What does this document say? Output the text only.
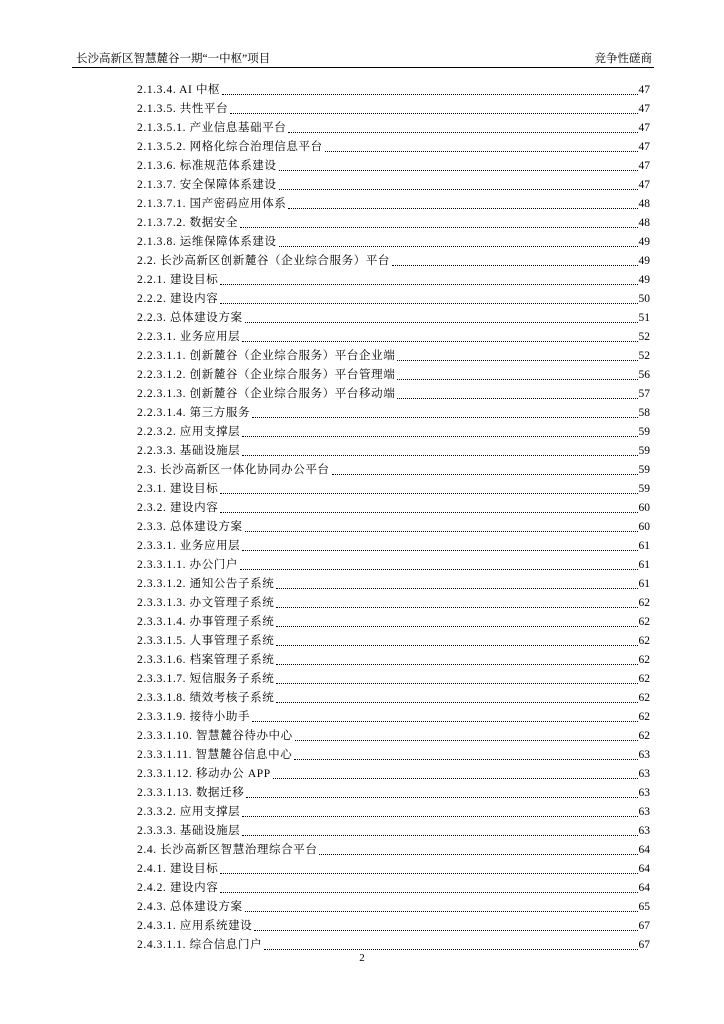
长沙高新区智慧麓谷一期“一中枢”项目	竞争性磋商
2.1.3.4. AI 中枢	47
2.1.3.5. 共性平台	47
2.1.3.5.1. 产业信息基础平台	47
2.1.3.5.2. 网格化综合治理信息平台	47
2.1.3.6. 标准规范体系建设	47
2.1.3.7. 安全保障体系建设	47
2.1.3.7.1. 国产密码应用体系	48
2.1.3.7.2. 数据安全	48
2.1.3.8. 运维保障体系建设	49
2.2. 长沙高新区创新麓谷（企业综合服务）平台	49
2.2.1. 建设目标	49
2.2.2. 建设内容	50
2.2.3. 总体建设方案	51
2.2.3.1. 业务应用层	52
2.2.3.1.1. 创新麓谷（企业综合服务）平台企业端	52
2.2.3.1.2. 创新麓谷（企业综合服务）平台管理端	56
2.2.3.1.3. 创新麓谷（企业综合服务）平台移动端	57
2.2.3.1.4. 第三方服务	58
2.2.3.2. 应用支撑层	59
2.2.3.3. 基础设施层	59
2.3. 长沙高新区一体化协同办公平台	59
2.3.1. 建设目标	59
2.3.2. 建设内容	60
2.3.3. 总体建设方案	60
2.3.3.1. 业务应用层	61
2.3.3.1.1. 办公门户	61
2.3.3.1.2. 通知公告子系统	61
2.3.3.1.3. 办文管理子系统	62
2.3.3.1.4. 办事管理子系统	62
2.3.3.1.5. 人事管理子系统	62
2.3.3.1.6. 档案管理子系统	62
2.3.3.1.7. 短信服务子系统	62
2.3.3.1.8. 绩效考核子系统	62
2.3.3.1.9. 接待小助手	62
2.3.3.1.10. 智慧麓谷待办中心	62
2.3.3.1.11. 智慧麓谷信息中心	63
2.3.3.1.12. 移动办公 APP	63
2.3.3.1.13. 数据迁移	63
2.3.3.2. 应用支撑层	63
2.3.3.3. 基础设施层	63
2.4. 长沙高新区智慧治理综合平台	64
2.4.1. 建设目标	64
2.4.2. 建设内容	64
2.4.3. 总体建设方案	65
2.4.3.1. 应用系统建设	67
2.4.3.1.1. 综合信息门户	67
2
